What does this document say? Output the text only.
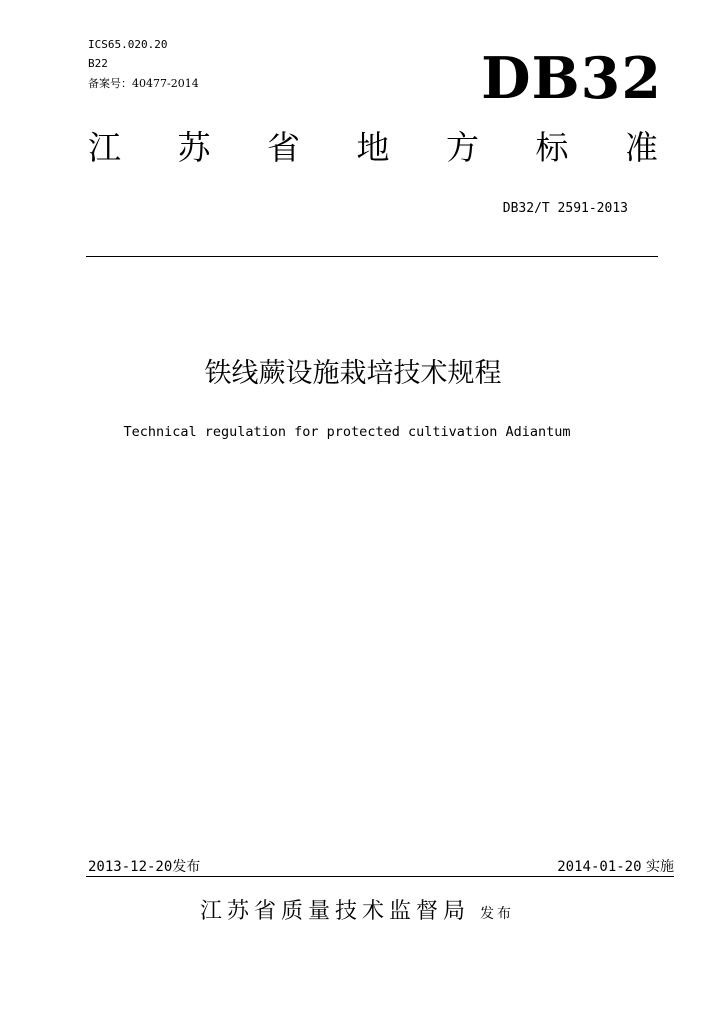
ICS65.020.20
B22
备案号：40477-2014	DB32
江 苏 省 地 方 标 准
DB32/T 2591-2013
铁线蕨设施栽培技术规程
Technical regulation for protected cultivation Adiantum
2013-12-20发布	2014-01-20 实施
江苏省质量技术监督局 发布
